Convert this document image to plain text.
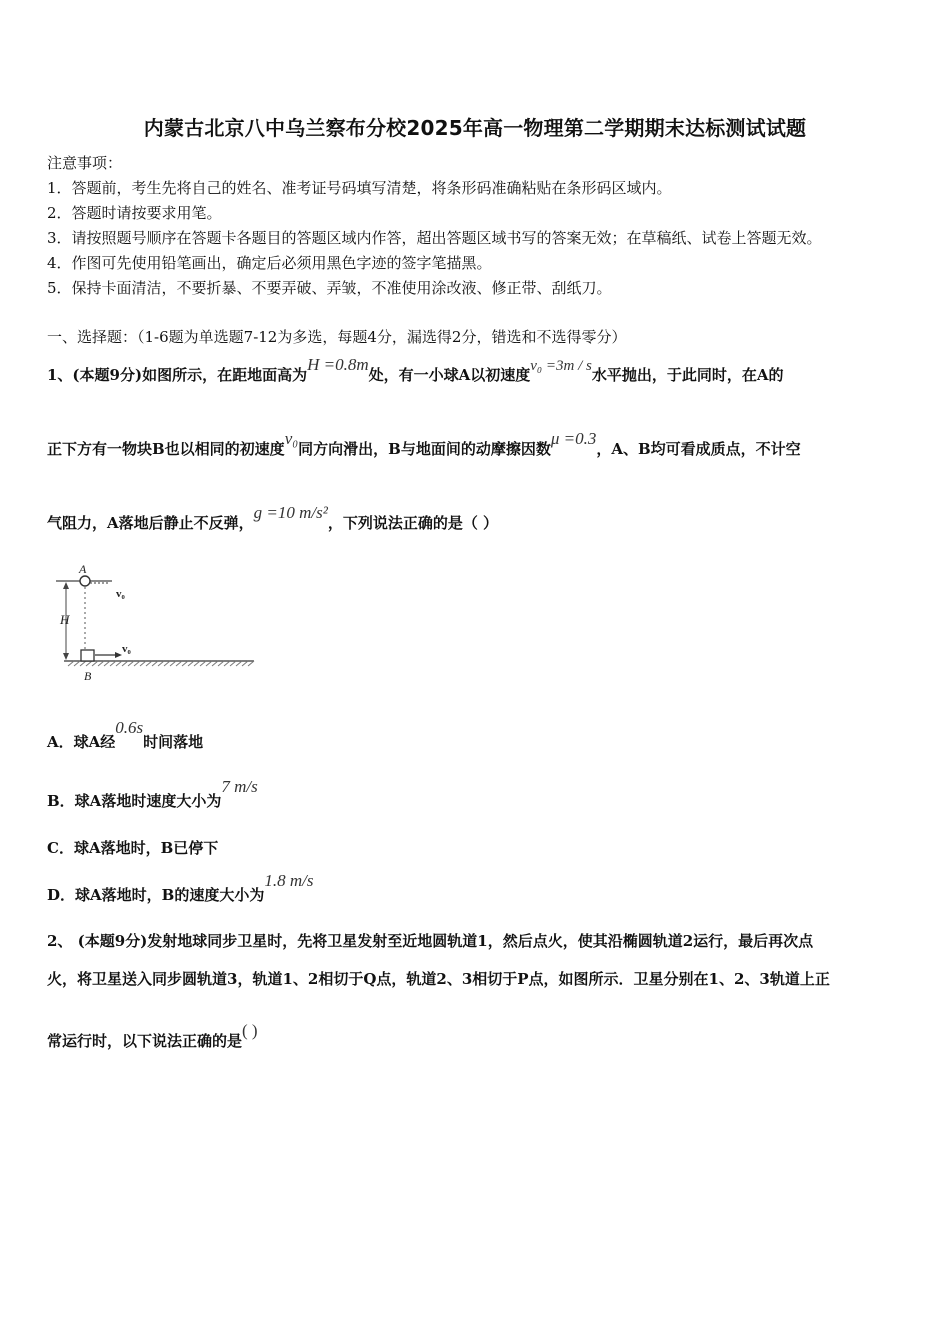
内蒙古北京八中乌兰察布分校2025年高一物理第二学期期末达标测试试题
注意事项：
1．答题前，考生先将自己的姓名、准考证号码填写清楚，将条形码准确粘贴在条形码区域内。
2．答题时请按要求用笔。
3．请按照题号顺序在答题卡各题目的答题区域内作答，超出答题区域书写的答案无效；在草稿纸、试卷上答题无效。
4．作图可先使用铅笔画出，确定后必须用黑色字迹的签字笔描黑。
5．保持卡面清洁，不要折暴、不要弄破、弄皱，不准使用涂改液、修正带、刮纸刀。
一、选择题：（1-6题为单选题7-12为多选，每题4分，漏选得2分，错选和不选得零分）
1、(本题9分)如图所示，在距地面高为H =0.8m处，有一小球A以初速度v₀ =3m / s水平抛出，于此同时，在A的
正下方有一物块B也以相同的初速度v₀同方向滑出，B与地面间的动摩擦因数μ =0.3，A、B均可看成质点，不计空
气阻力，A落地后静止不反弹，g =10 m/s²，下列说法正确的是（ ）
H
A
v₀
v₀
B
A．球A经0.6s时间落地
B．球A落地时速度大小为7 m/s
C．球A落地时，B已停下
D．球A落地时，B的速度大小为1.8 m/s
2、 (本题9分)发射地球同步卫星时，先将卫星发射至近地圆轨道1，然后点火，使其沿椭圆轨道2运行，最后再次点
火，将卫星送入同步圆轨道3，轨道1、2相切于Q点，轨道2、3相切于P点，如图所示．卫星分别在1、2、3轨道上正
常运行时，以下说法正确的是( )
